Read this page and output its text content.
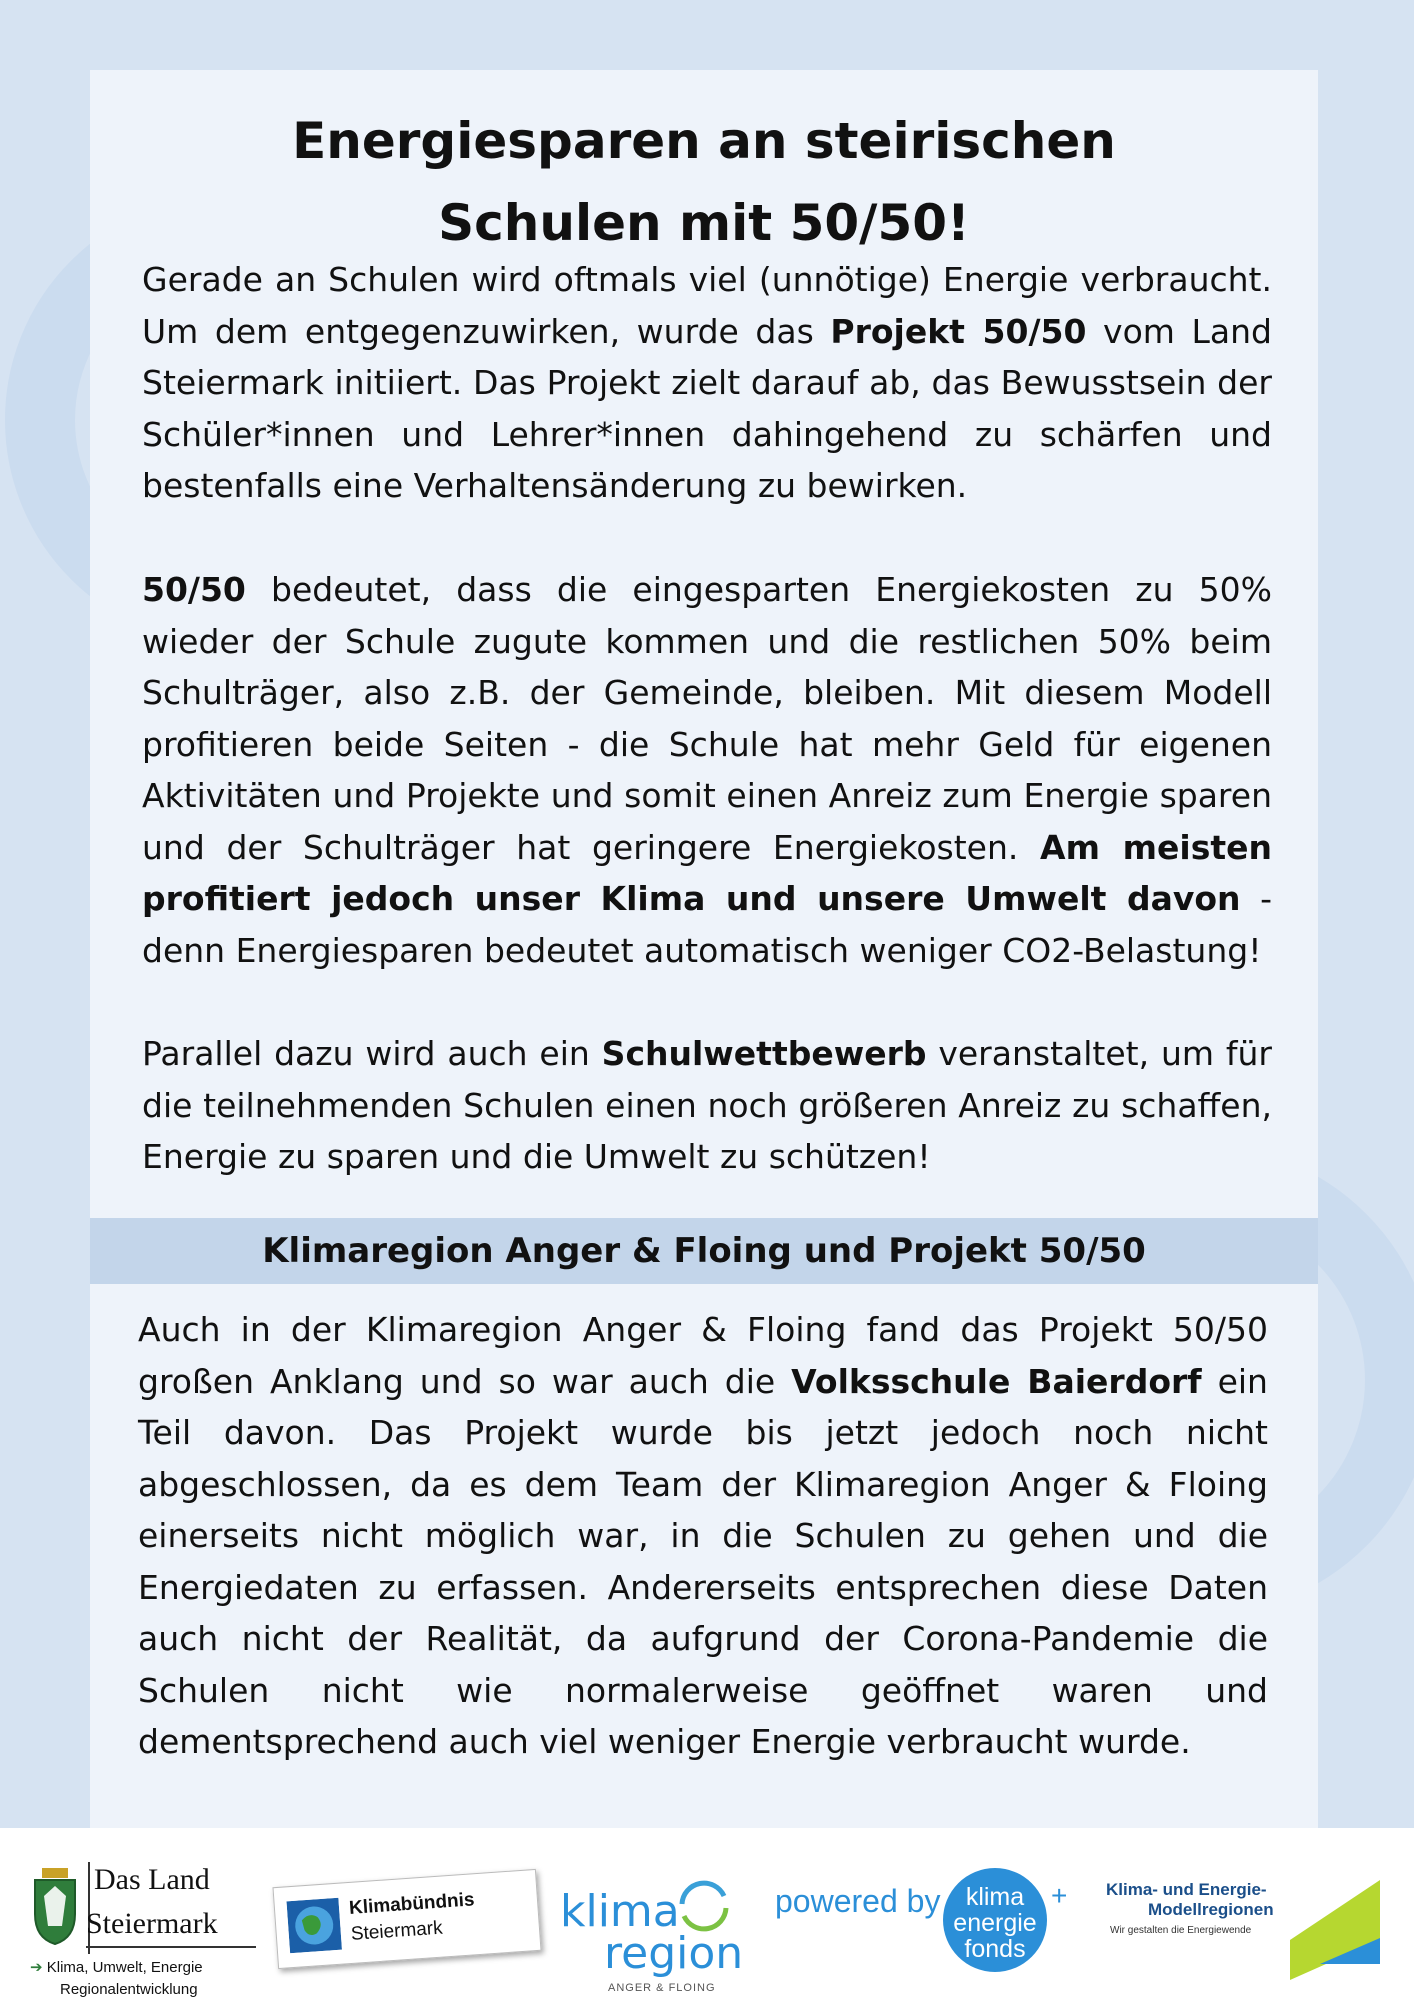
Energiesparen an steirischen
Schulen mit 50/50!

Gerade an Schulen wird oftmals viel (unnötige) Energie verbraucht. Um dem entgegenzuwirken, wurde das Projekt 50/50 vom Land Steiermark initiiert. Das Projekt zielt darauf ab, das Bewusstsein der Schüler*innen und Lehrer*innen dahingehend zu schärfen und bestenfalls eine Verhaltensänderung zu bewirken.

50/50 bedeutet, dass die eingesparten Energiekosten zu 50% wieder der Schule zugute kommen und die restlichen 50% beim Schulträger, also z.B. der Gemeinde, bleiben. Mit diesem Modell profitieren beide Seiten - die Schule hat mehr Geld für eigenen Aktivitäten und Projekte und somit einen Anreiz zum Energie sparen und der Schulträger hat geringere Energiekosten. Am meisten profitiert jedoch unser Klima und unsere Umwelt davon - denn Energiesparen bedeutet automatisch weniger CO2-Belastung!

Parallel dazu wird auch ein Schulwettbewerb veranstaltet, um für die teilnehmenden Schulen einen noch größeren Anreiz zu schaffen, Energie zu sparen und die Umwelt zu schützen!

Klimaregion Anger & Floing und Projekt 50/50

Auch in der Klimaregion Anger & Floing fand das Projekt 50/50 großen Anklang und so war auch die Volksschule Baierdorf ein Teil davon. Das Projekt wurde bis jetzt jedoch noch nicht abgeschlossen, da es dem Team der Klimaregion Anger & Floing einerseits nicht möglich war, in die Schulen zu gehen und die Energiedaten zu erfassen. Andererseits entsprechen diese Daten auch nicht der Realität, da aufgrund der Corona-Pandemie die Schulen nicht wie normalerweise geöffnet waren und dementsprechend auch viel weniger Energie verbraucht wurde.

Das Land
Steiermark
➔ Klima, Umwelt, Energie
Regionalentwicklung
Klimabündnis
Steiermark	klima
region
ANGER & FLOING
powered by	klima
energie
fonds
+ Klima- und Energie-
Modellregionen
Wir gestalten die Energiewende
